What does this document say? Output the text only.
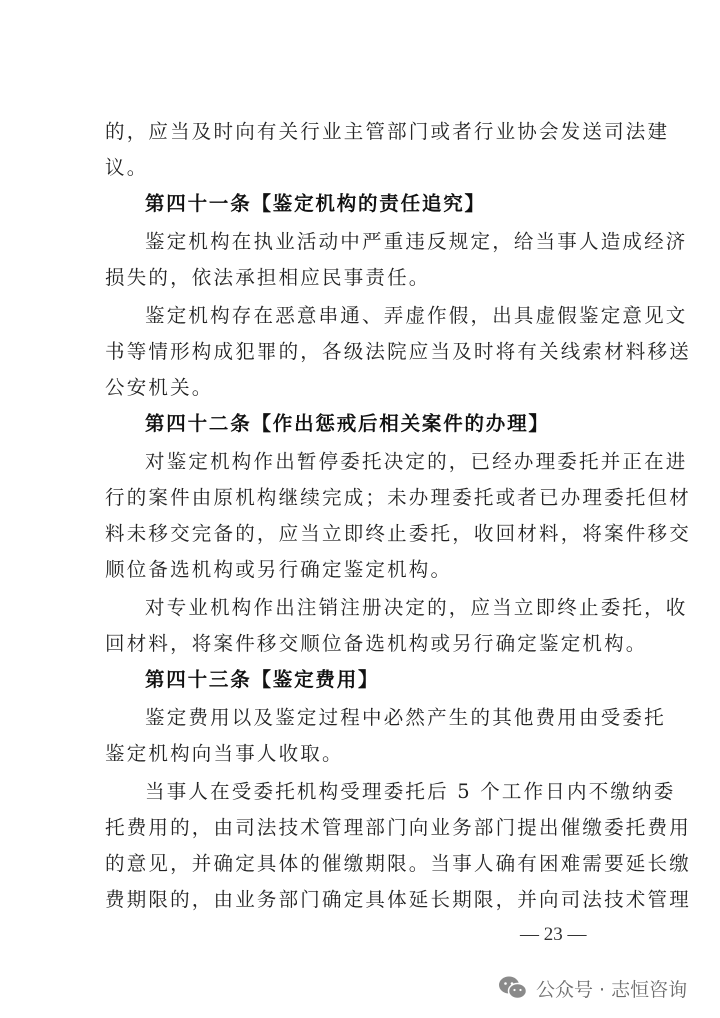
的，应当及时向有关行业主管部门或者行业协会发送司法建
议。
第四十一条【鉴定机构的责任追究】
鉴定机构在执业活动中严重违反规定，给当事人造成经济
损失的，依法承担相应民事责任。
鉴定机构存在恶意串通、弄虚作假，出具虚假鉴定意见文
书等情形构成犯罪的，各级法院应当及时将有关线索材料移送
公安机关。
第四十二条【作出惩戒后相关案件的办理】
对鉴定机构作出暂停委托决定的，已经办理委托并正在进
行的案件由原机构继续完成；未办理委托或者已办理委托但材
料未移交完备的，应当立即终止委托，收回材料，将案件移交
顺位备选机构或另行确定鉴定机构。
对专业机构作出注销注册决定的，应当立即终止委托，收
回材料，将案件移交顺位备选机构或另行确定鉴定机构。
第四十三条【鉴定费用】
鉴定费用以及鉴定过程中必然产生的其他费用由受委托
鉴定机构向当事人收取。
当事人在受委托机构受理委托后 5 个工作日内不缴纳委
托费用的，由司法技术管理部门向业务部门提出催缴委托费用
的意见，并确定具体的催缴期限。当事人确有困难需要延长缴
费期限的，由业务部门确定具体延长期限，并向司法技术管理
— 23 —
公众号 · 志恒咨询
